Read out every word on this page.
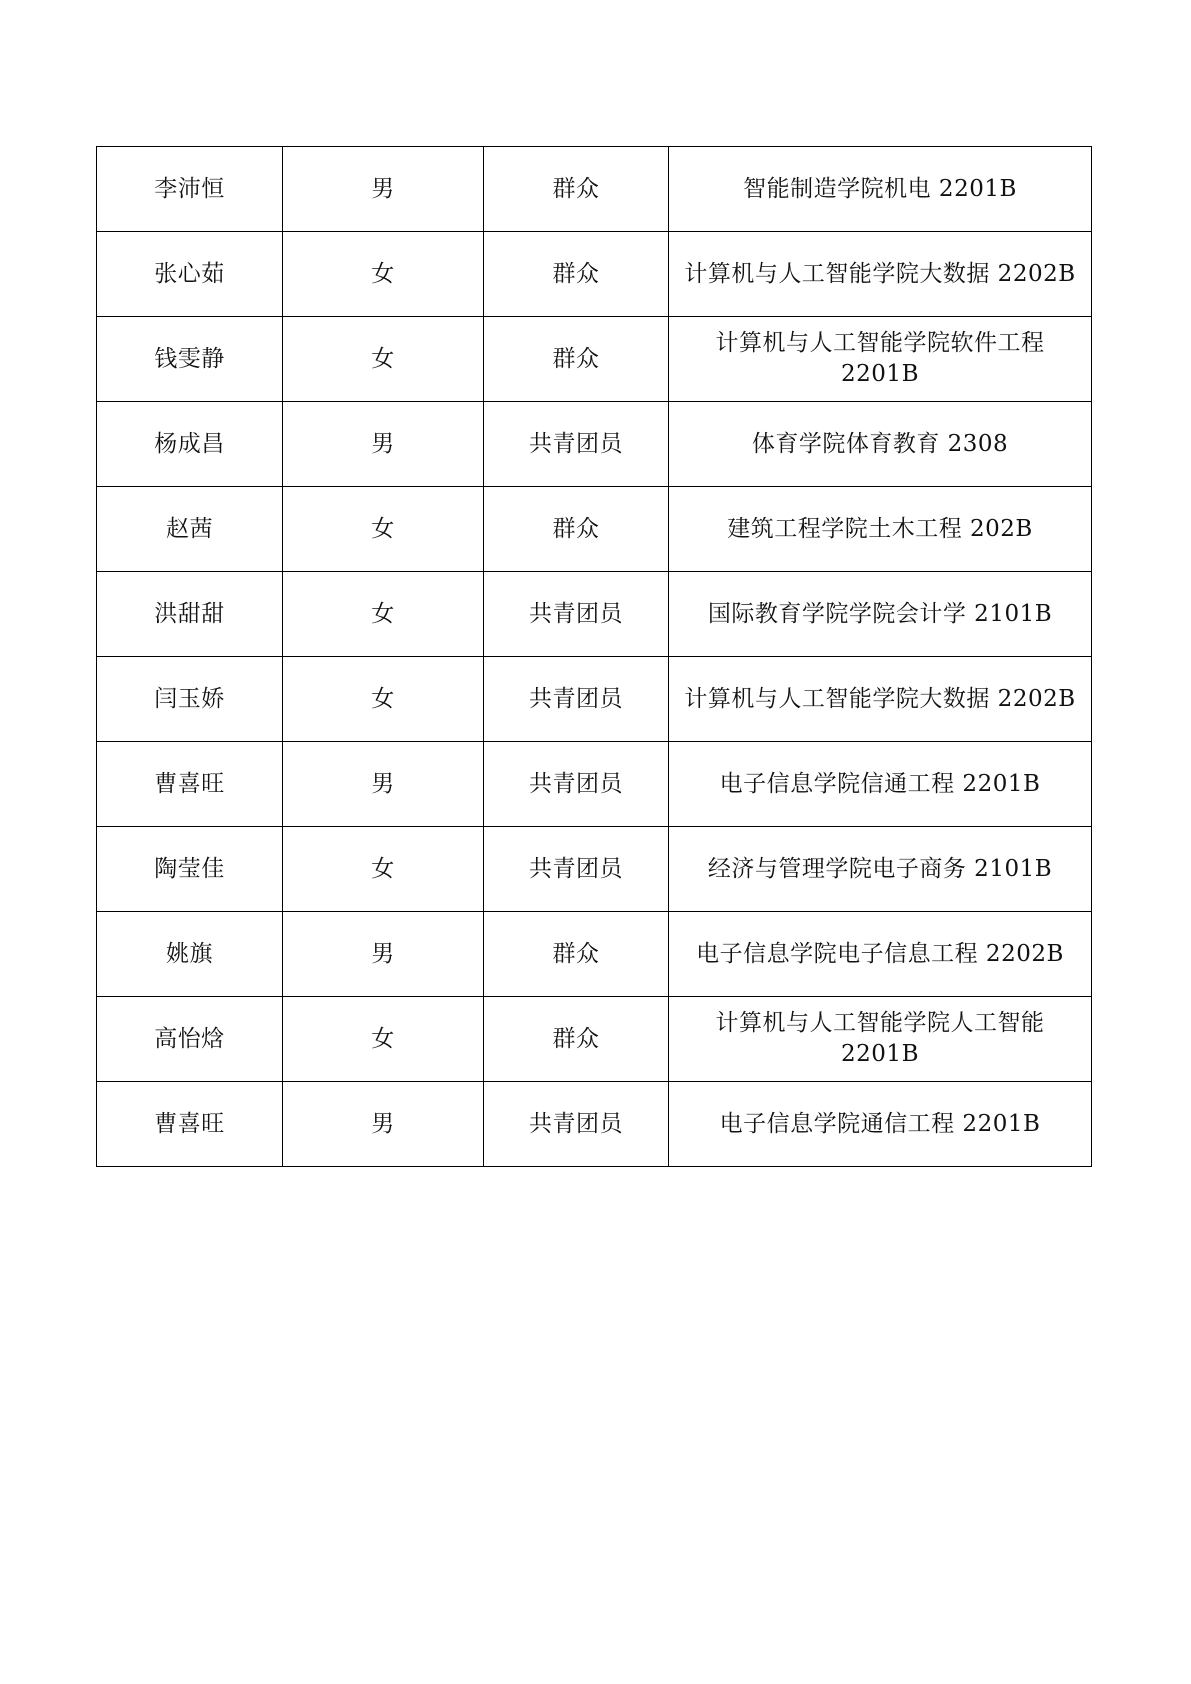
李沛恒	男	群众	智能制造学院机电 2201B
张心茹	女	群众	计算机与人工智能学院大数据 2202B
钱雯静	女	群众	计算机与人工智能学院软件工程 2201B
杨成昌	男	共青团员	体育学院体育教育 2308
赵茜	女	群众	建筑工程学院土木工程 202B
洪甜甜	女	共青团员	国际教育学院学院会计学 2101B
闫玉娇	女	共青团员	计算机与人工智能学院大数据 2202B
曹喜旺	男	共青团员	电子信息学院信通工程 2201B
陶莹佳	女	共青团员	经济与管理学院电子商务 2101B
姚旗	男	群众	电子信息学院电子信息工程 2202B
高怡焓	女	群众	计算机与人工智能学院人工智能 2201B
曹喜旺	男	共青团员	电子信息学院通信工程 2201B
